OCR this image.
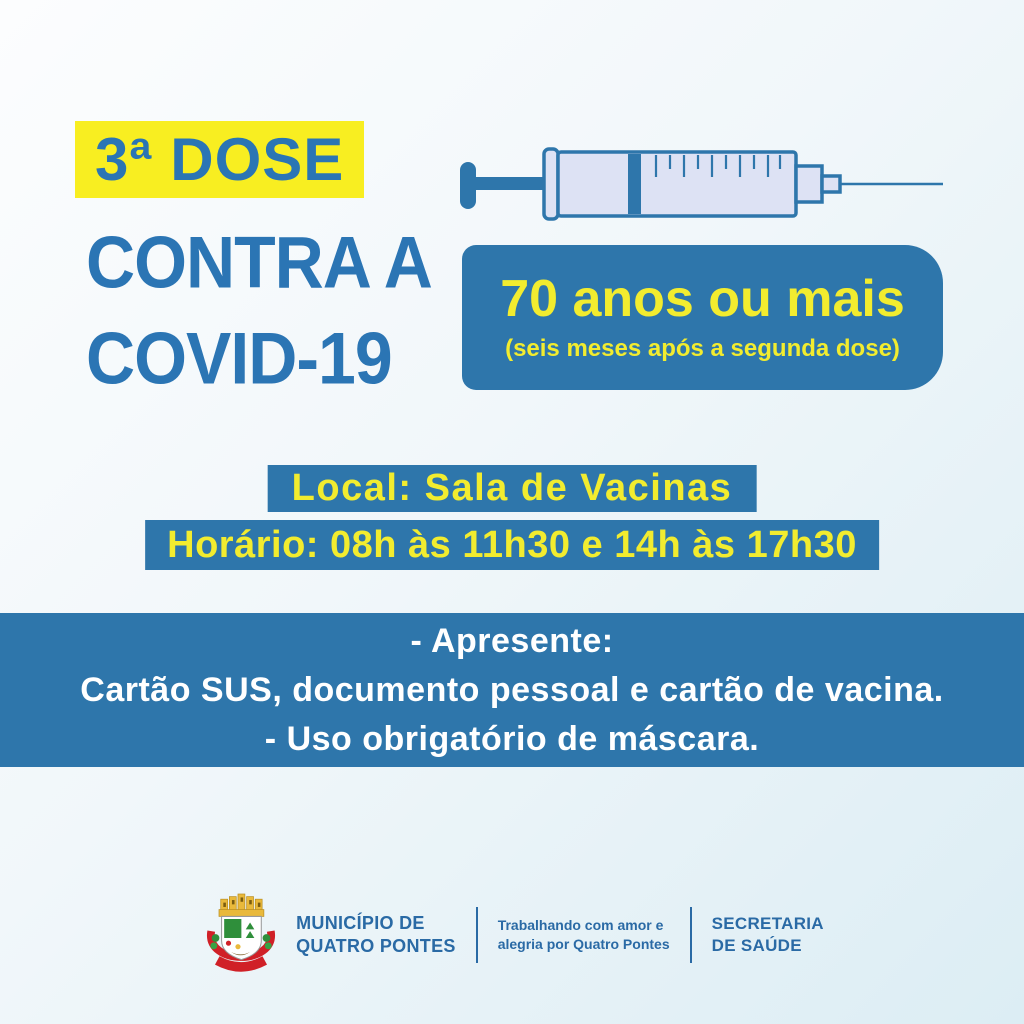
3ª DOSE
CONTRA A
COVID-19
70 anos ou mais
(seis meses após a segunda dose)
Local: Sala de Vacinas
Horário: 08h às 11h30 e 14h às 17h30
- Apresente:
Cartão SUS, documento pessoal e cartão de vacina.
- Uso obrigatório de máscara.
MUNICÍPIO DE
QUATRO PONTES
Trabalhando com amor e
alegria por Quatro Pontes
SECRETARIA
DE SAÚDE
